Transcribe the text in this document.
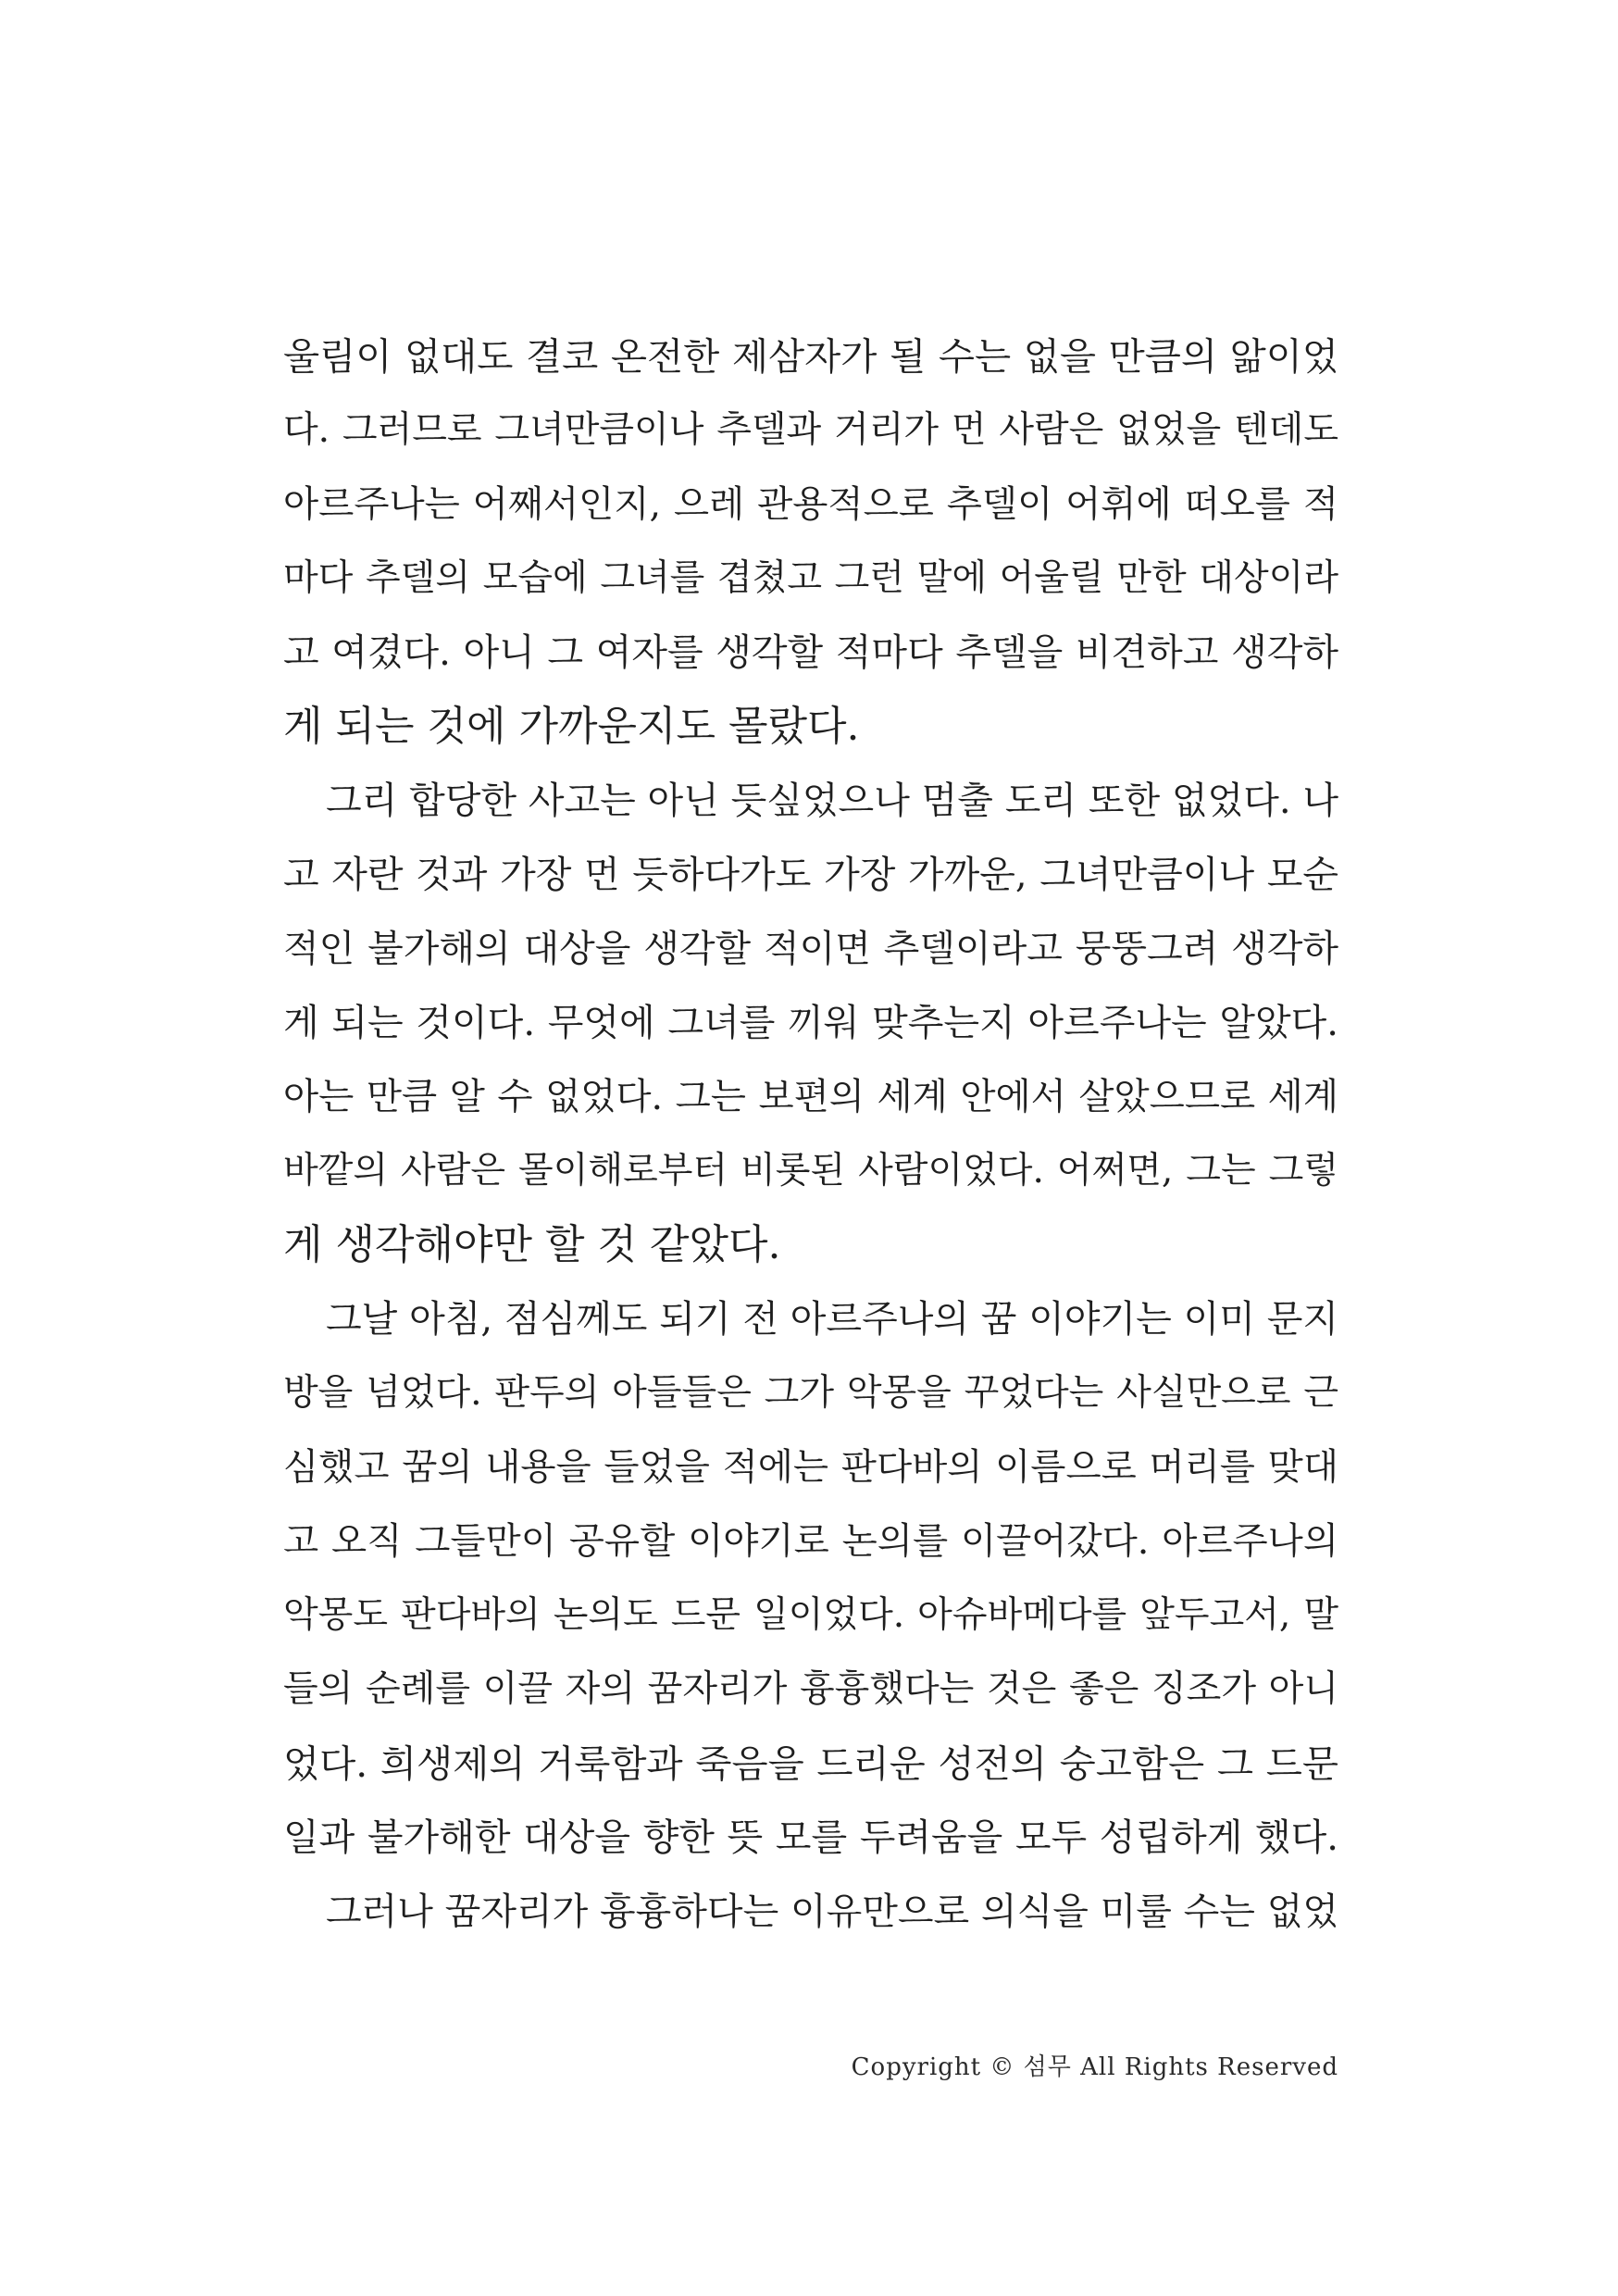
울림이 없대도 결코 온전한 제삼자가 될 수는 없을 만큼의 앎이었
다. 그러므로 그녀만큼이나 추델과 거리가 먼 사람은 없었을 텐데도
아르주나는 어째서인지, 으레 관용적으로 추델이 어휘에 떠오를 적
마다 추델의 모습에 그녀를 겹쳤고 그런 말에 어울릴 만한 대상이라
고 여겼다. 아니 그 여자를 생각할 적마다 추델을 비견하고 생각하
게 되는 것에 가까운지도 몰랐다.
그리 합당한 사고는 아닌 듯싶었으나 멈출 도리 또한 없었다. 나
고 자란 것과 가장 먼 듯하다가도 가장 가까운, 그녀만큼이나 모순
적인 불가해의 대상을 생각할 적이면 추델이라고 뭉뚱그려 생각하
게 되는 것이다. 무엇에 그녀를 끼워 맞추는지 아르주나는 알았다.
아는 만큼 알 수 없었다. 그는 보편의 세계 안에서 살았으므로 세계
바깥의 사람은 몰이해로부터 비롯된 사람이었다. 어쩌면, 그는 그렇
게 생각해야만 할 것 같았다.
그날 아침, 점심께도 되기 전 아르주나의 꿈 이야기는 이미 문지
방을 넘었다. 판두의 아들들은 그가 악몽을 꾸었다는 사실만으로 근
심했고 꿈의 내용을 들었을 적에는 판다바의 이름으로 머리를 맞대
고 오직 그들만이 공유할 이야기로 논의를 이끌어갔다. 아르주나의
악몽도 판다바의 논의도 드문 일이었다. 아슈바메다를 앞두고서, 말
들의 순례를 이끌 자의 꿈자리가 흉흉했다는 것은 좋은 징조가 아니
었다. 희생제의 거룩함과 죽음을 드리운 성전의 숭고함은 그 드문
일과 불가해한 대상을 향한 뜻 모를 두려움을 모두 성립하게 했다.
그러나 꿈자리가 흉흉하다는 이유만으로 의식을 미룰 수는 없었

Copyright © 섬무 All Rights Reserved
